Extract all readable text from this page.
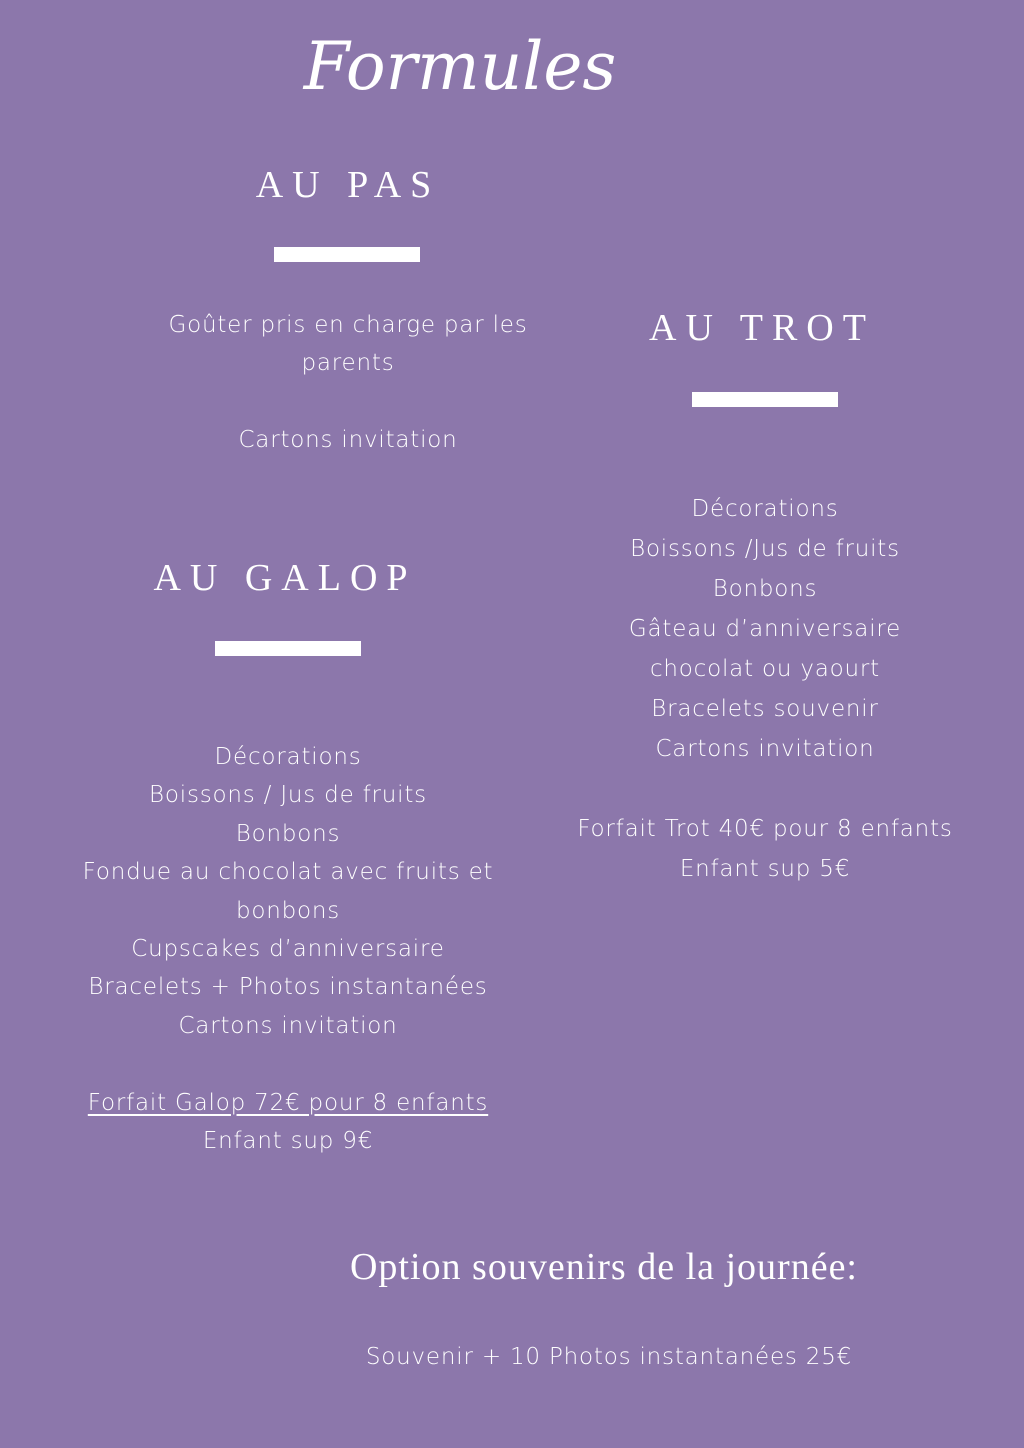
Formules
AU PAS
Goûter pris en charge par les
parents
Cartons invitation
AU TROT
Décorations
Boissons /Jus de fruits
Bonbons
Gâteau d’anniversaire
chocolat ou yaourt
Bracelets souvenir
Cartons invitation
Forfait Trot 40€ pour 8 enfants
Enfant sup 5€
AU GALOP
Décorations
Boissons / Jus de fruits
Bonbons
Fondue au chocolat avec fruits et
bonbons
Cupscakes d’anniversaire
Bracelets + Photos instantanées
Cartons invitation
Forfait Galop 72€ pour 8 enfants
Enfant sup 9€
Option souvenirs de la journée:
Souvenir + 10 Photos instantanées 25€
